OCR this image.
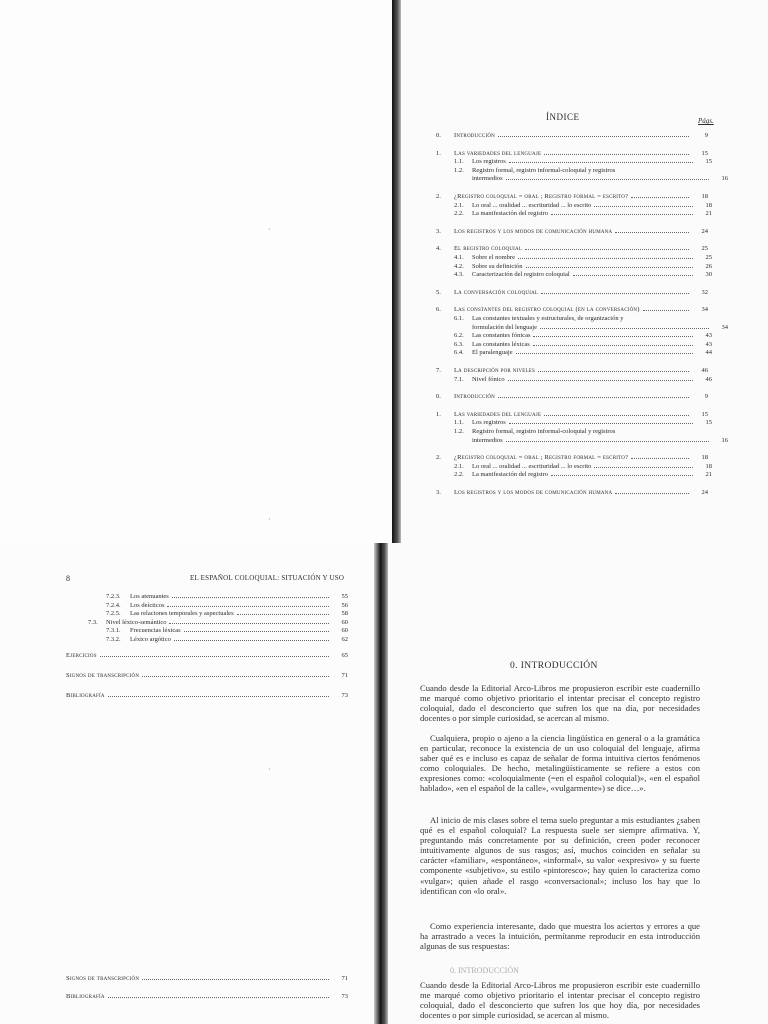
·
·
ÍNDICE	Págs.
0.	Introducción	9
1.	Las variedades del lenguaje	15
1.1.	Los registros	15
1.2.	Registro formal, registro informal-coloquial y registros
intermedios	16
2.	¿Registro coloquial = oral ; Registro formal = escrito?	18
2.1.	Lo oral ... oralidad ... escrituridad ... lo escrito	18
2.2.	La manifestación del registro	21
3.	Los registros y los modos de comunicación humana	24
4.	El registro coloquial	25
4.1.	Sobre el nombre	25
4.2.	Sobre su definición	26
4.3.	Caracterización del registro coloquial	30
5.	La conversación coloquial	32
6.	Las constantes del registro coloquial (en la conversación)	34
6.1.	Las constantes textuales y estructurales, de organización y
formulación del lenguaje	34
6.2.	Las constantes fónicas	43
6.3.	Las constantes léxicas	43
6.4.	El paralenguaje	44
7.	La descripción por niveles	46
7.1.	Nivel fónico	46
0.	Introducción	9
1.	Las variedades del lenguaje	15
1.1.	Los registros	15
1.2.	Registro formal, registro informal-coloquial y registros
intermedios	16
2.	¿Registro coloquial = oral ; Registro formal = escrito?	18
2.1.	Lo oral ... oralidad ... escrituridad ... lo escrito	18
2.2.	La manifestación del registro	21
3.	Los registros y los modos de comunicación humana	24
8	EL ESPAÑOL COLOQUIAL: SITUACIÓN Y USO
7.2.3.	Los atenuantes	55
7.2.4.	Los deícticos	56
7.2.5.	Las relaciones temporales y aspectuales	58
7.3.	Nivel léxico-semántico	60
7.3.1.	Frecuencias léxicas	60
7.3.2.	Léxico argótico	62
Ejercicios	65
Signos de transcripción	71
Bibliografía	73
Signos de transcripción	71
Bibliografía	73
·
0. INTRODUCCIÓN
Cuando desde la Editorial Arco-Libros me propusieron escribir este cuadernillo me marqué como objetivo prioritario el intentar precisar el concepto registro coloquial, dado el desconcierto que sufren los que na día, por necesidades docentes o por simple curiosidad, se acercan al mismo.
Cualquiera, propio o ajeno a la ciencia lingüística en general o a la gramática en particular, reconoce la existencia de un uso coloquial del lenguaje, afirma saber qué es e incluso es capaz de señalar de forma intuitiva ciertos fenómenos como coloquiales. De hecho, metalingüísticamente se refiere a estos con expresiones como: «coloquialmente (=en el español coloquial)», «en el español hablado», «en el español de la calle», «vulgarmente») se dice…».
Al inicio de mis clases sobre el tema suelo preguntar a mis estudiantes ¿saben qué es el español coloquial? La respuesta suele ser siempre afirmativa. Y, preguntando más concretamente por su definición, creen poder reconocer intuitivamente algunos de sus rasgos; así, muchos coinciden en señalar su carácter «familiar», «espontáneo», «informal», su valor «expresivo» y su fuerte componente «subjetivo», su estilo «pintoresco»; hay quien lo caracteriza como «vulgar»; quien añade el rasgo «conversacional»; incluso los hay que lo identifican con «lo oral».
Como experiencia interesante, dado que muestra los aciertos y errores a que ha arrastrado a veces la intuición, permítanme reproducir en esta introducción algunas de sus respuestas:
0. INTRODUCCIÓN
Cuando desde la Editorial Arco-Libros me propusieron escribir este cuadernillo me marqué como objetivo prioritario el intentar precisar el concepto registro coloquial, dado el desconcierto que sufren los que hoy día, por necesidades docentes o por simple curiosidad, se acercan al mismo.
